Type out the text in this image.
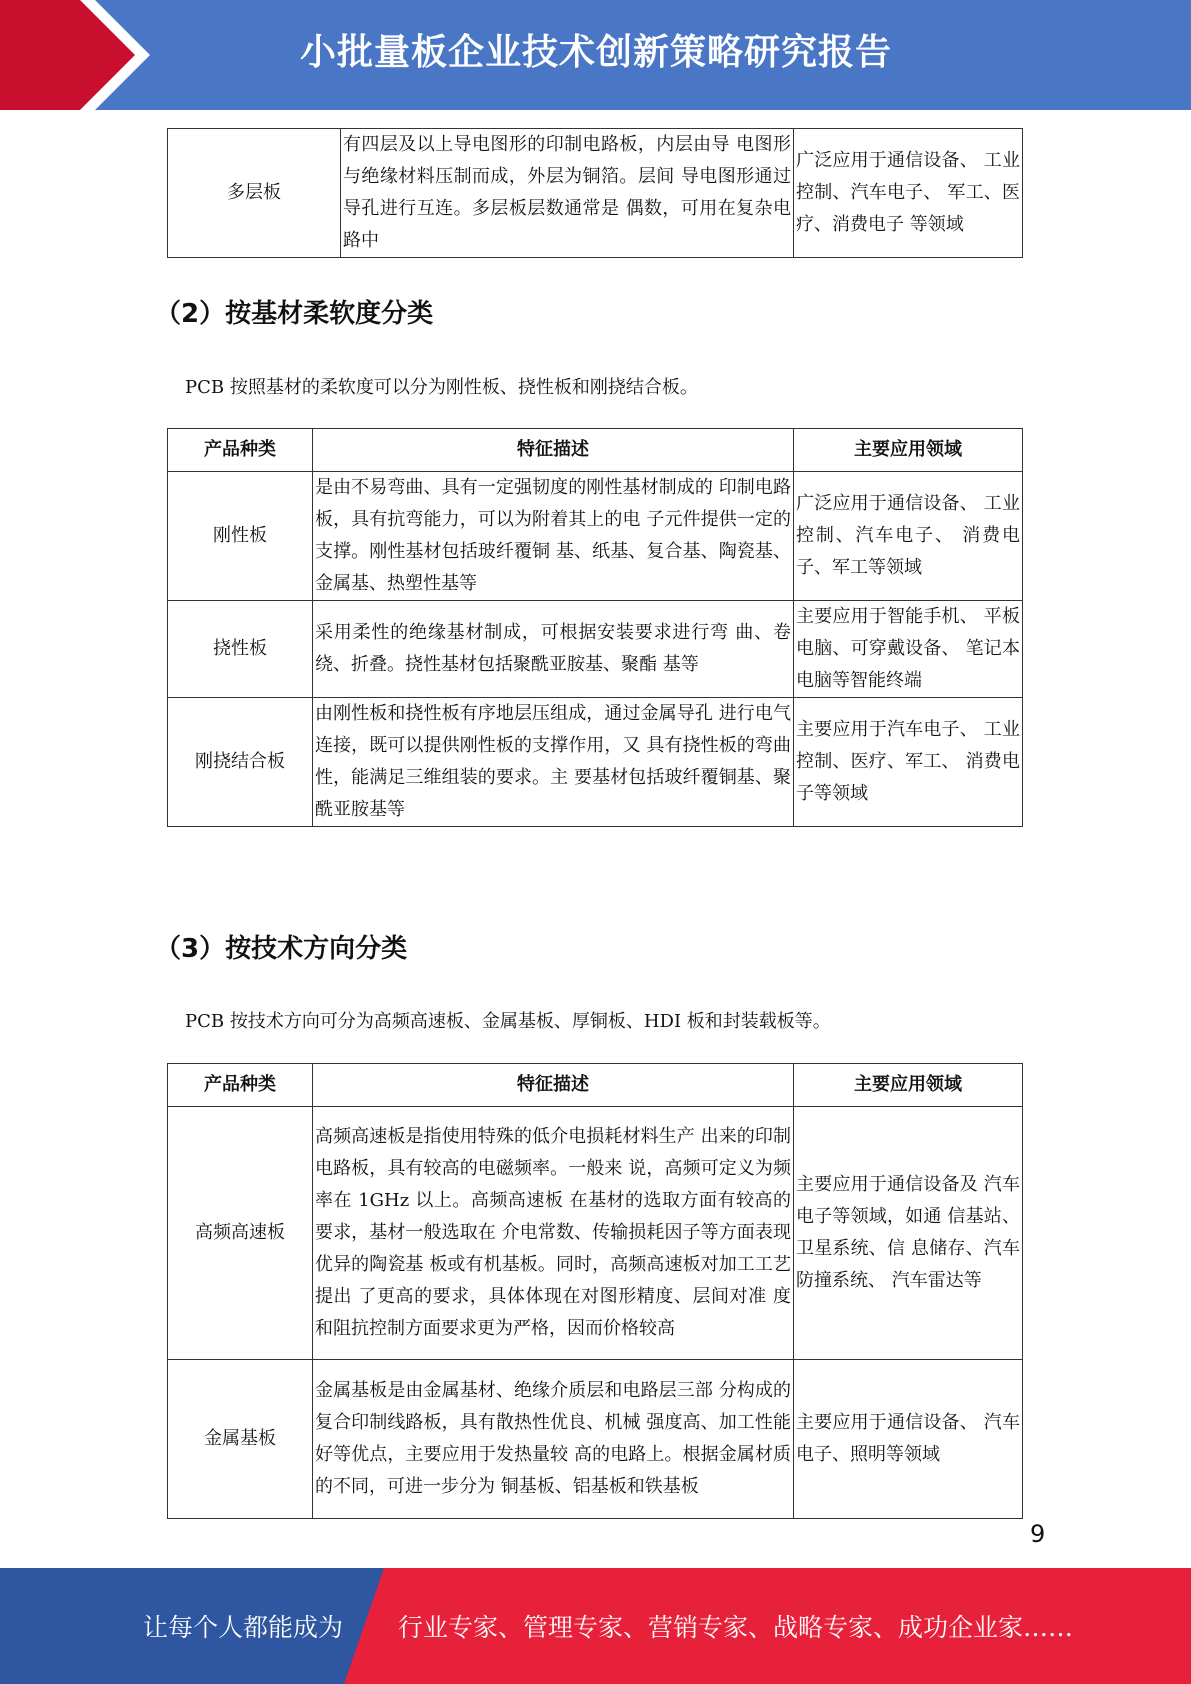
小批量板企业技术创新策略研究报告
多层板	有四层及以上导电图形的印制电路板，内层由导 电图形与绝缘材料压制而成，外层为铜箔。层间 导电图形通过导孔进行互连。多层板层数通常是 偶数，可用在复杂电路中	广泛应用于通信设备、 工业控制、汽车电子、 军工、医疗、消费电子 等领域
（2）按基材柔软度分类
PCB 按照基材的柔软度可以分为刚性板、挠性板和刚挠结合板。
产品种类	特征描述	主要应用领域
刚性板	是由不易弯曲、具有一定强韧度的刚性基材制成的 印制电路板，具有抗弯能力，可以为附着其上的电 子元件提供一定的支撑。刚性基材包括玻纤覆铜 基、纸基、复合基、陶瓷基、金属基、热塑性基等	广泛应用于通信设备、 工业控制、汽车电子、 消费电子、军工等领域
挠性板	采用柔性的绝缘基材制成，可根据安装要求进行弯 曲、卷绕、折叠。挠性基材包括聚酰亚胺基、聚酯 基等	主要应用于智能手机、 平板电脑、可穿戴设备、 笔记本电脑等智能终端
刚挠结合板	由刚性板和挠性板有序地层压组成，通过金属导孔 进行电气连接，既可以提供刚性板的支撑作用，又 具有挠性板的弯曲性，能满足三维组装的要求。主 要基材包括玻纤覆铜基、聚酰亚胺基等	主要应用于汽车电子、 工业控制、医疗、军工、 消费电子等领域
（3）按技术方向分类
PCB 按技术方向可分为高频高速板、金属基板、厚铜板、HDI 板和封装载板等。
产品种类	特征描述	主要应用领域
高频高速板	高频高速板是指使用特殊的低介电损耗材料生产 出来的印制电路板，具有较高的电磁频率。一般来 说，高频可定义为频率在 1GHz 以上。高频高速板 在基材的选取方面有较高的要求，基材一般选取在 介电常数、传输损耗因子等方面表现优异的陶瓷基 板或有机基板。同时，高频高速板对加工工艺提出 了更高的要求，具体体现在对图形精度、层间对准 度和阻抗控制方面要求更为严格，因而价格较高	主要应用于通信设备及 汽车电子等领域，如通 信基站、卫星系统、信 息储存、汽车防撞系统、 汽车雷达等
金属基板	金属基板是由金属基材、绝缘介质层和电路层三部 分构成的复合印制线路板，具有散热性优良、机械 强度高、加工性能好等优点，主要应用于发热量较 高的电路上。根据金属材质的不同，可进一步分为 铜基板、铝基板和铁基板	主要应用于通信设备、 汽车电子、照明等领域
9
让每个人都能成为 行业专家、管理专家、营销专家、战略专家、成功企业家……
